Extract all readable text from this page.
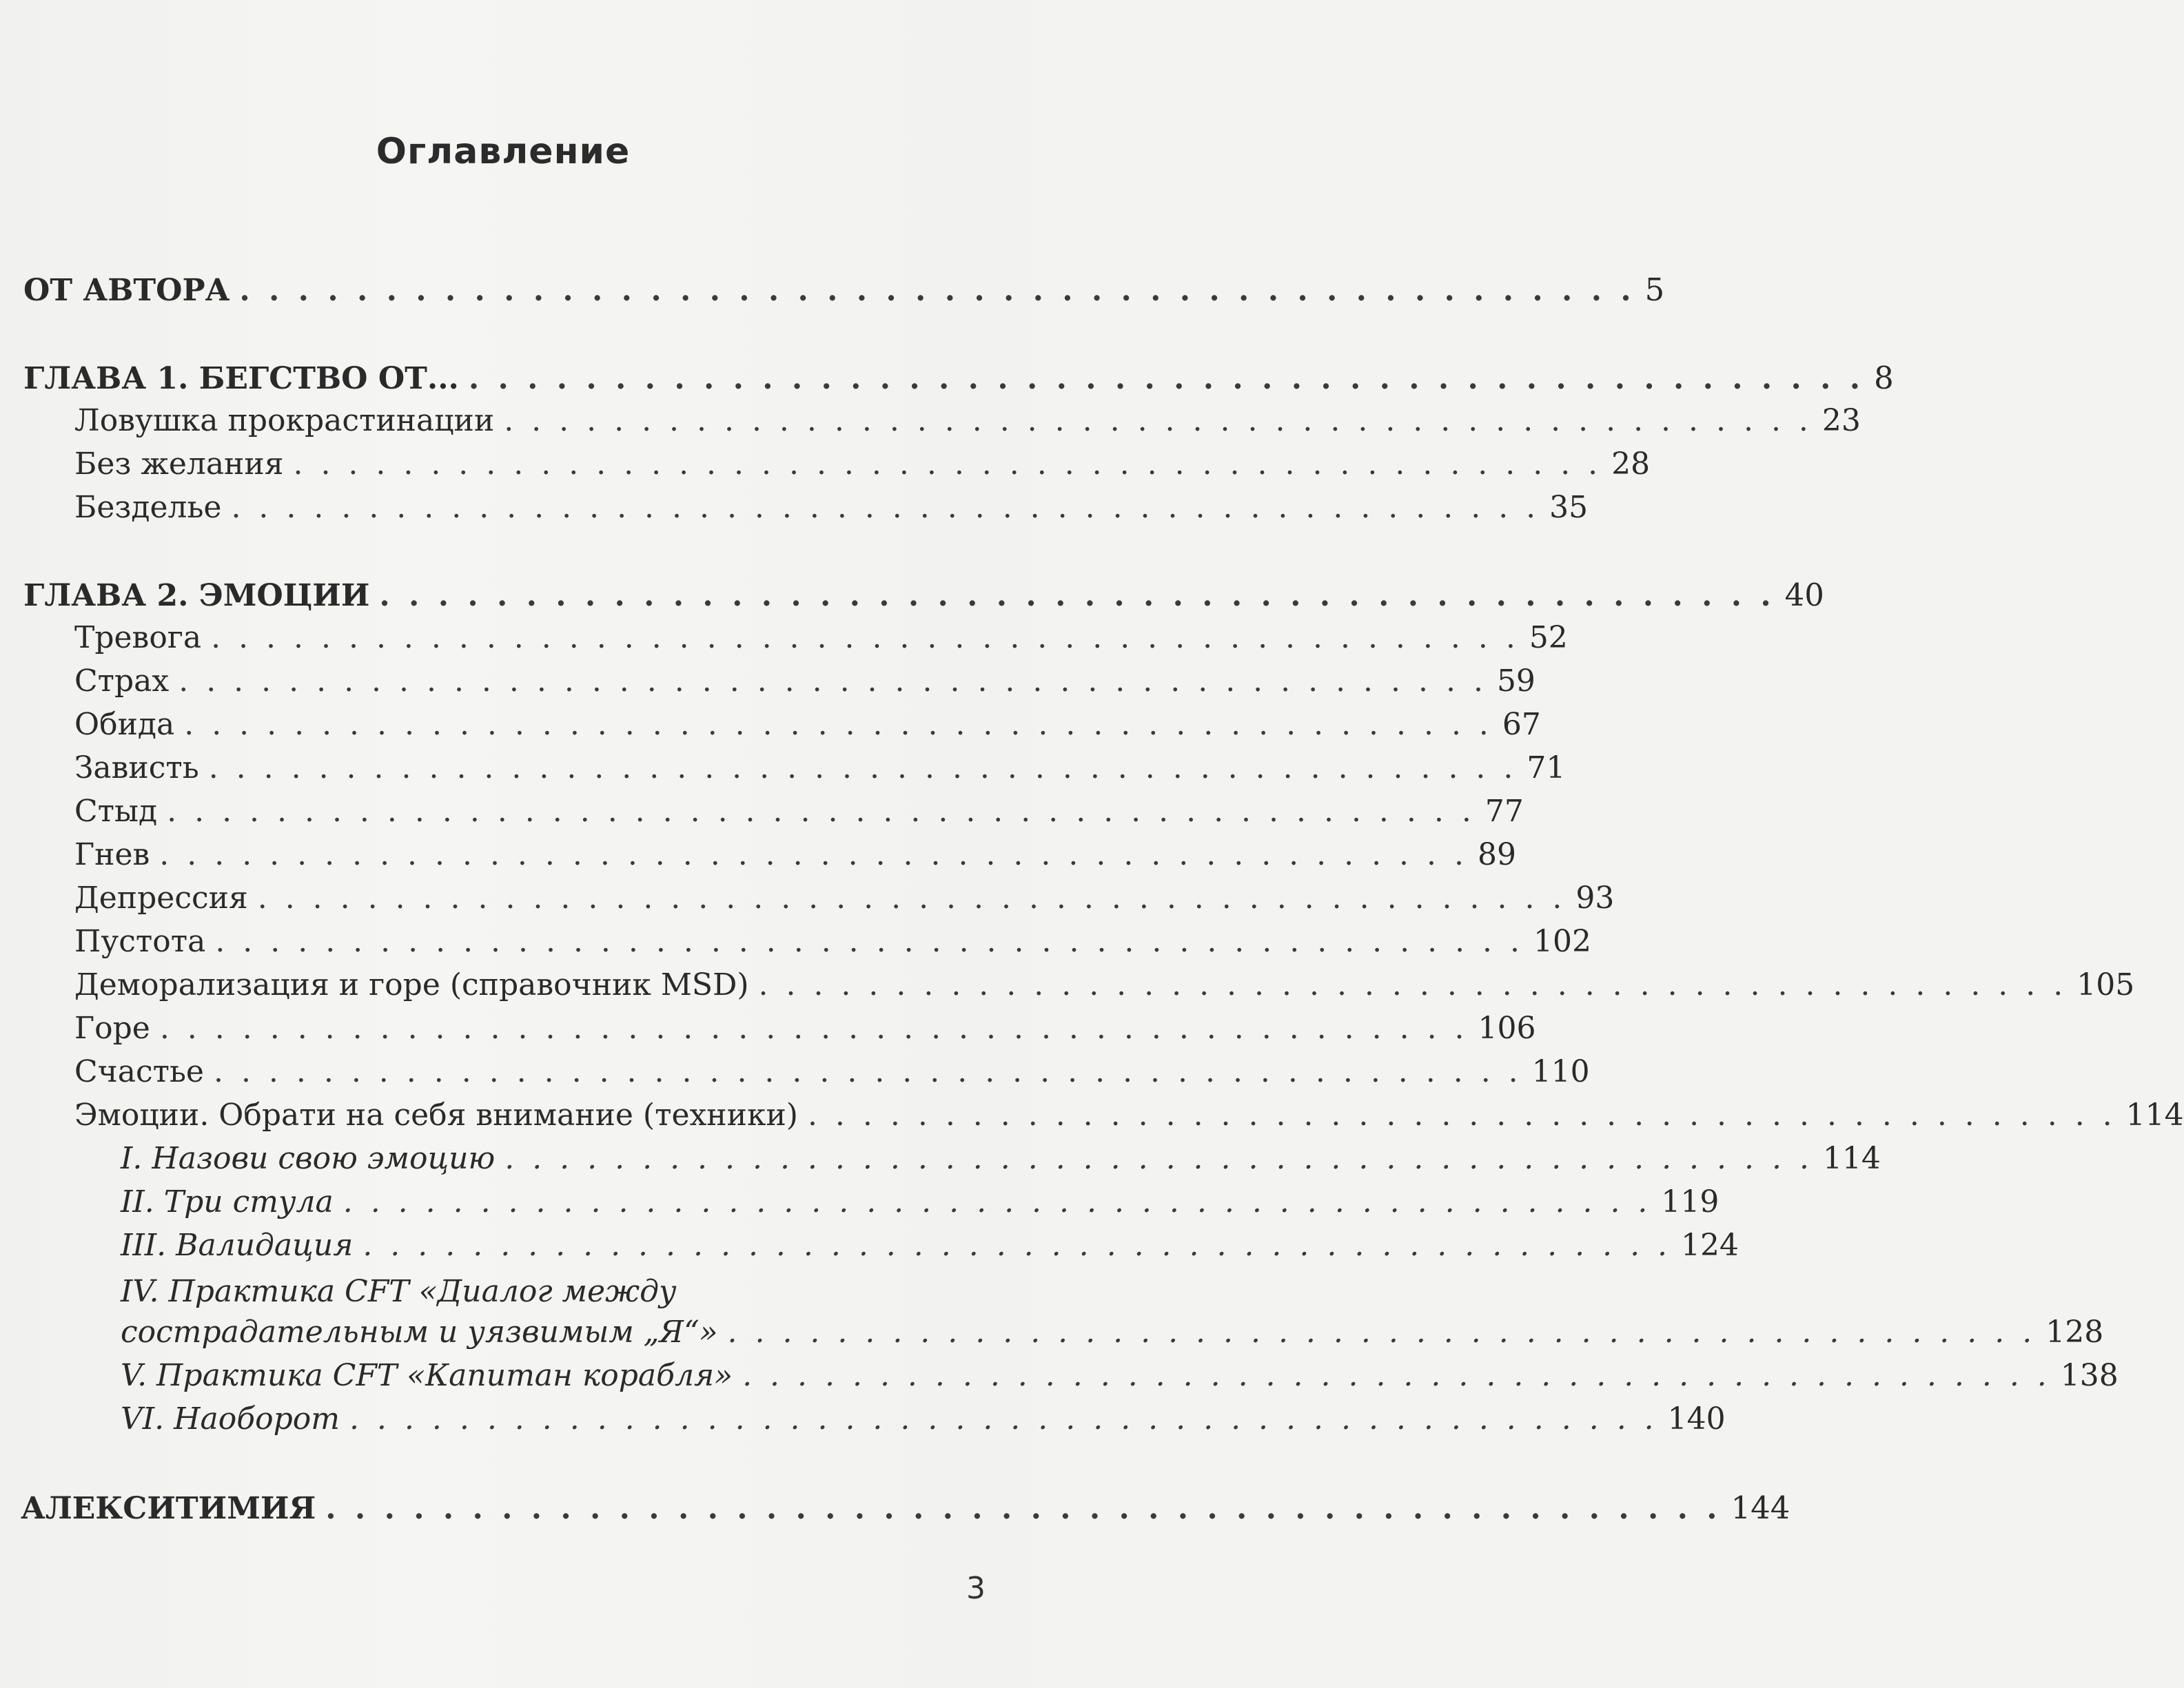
Оглавление
ОТ АВТОРА . . . . . . . . . . . . . . . . . . . . . . . . . . . . . . . . . . . . . . . . . . . . . . . . 5
ГЛАВА 1. БЕГСТВО ОТ... . . . . . . . . . . . . . . . . . . . . . . . . . . . . . . . . . . . . . . . . . . . . . . . . 8
Ловушка прокрастинации . . . . . . . . . . . . . . . . . . . . . . . . . . . . . . . . . . . . . . . . . . . . . . . . 23
Без желания . . . . . . . . . . . . . . . . . . . . . . . . . . . . . . . . . . . . . . . . . . . . . . . . 28
Безделье . . . . . . . . . . . . . . . . . . . . . . . . . . . . . . . . . . . . . . . . . . . . . . . . 35
ГЛАВА 2. ЭМОЦИИ . . . . . . . . . . . . . . . . . . . . . . . . . . . . . . . . . . . . . . . . . . . . . . . . 40
Тревога . . . . . . . . . . . . . . . . . . . . . . . . . . . . . . . . . . . . . . . . . . . . . . . . 52
Страх . . . . . . . . . . . . . . . . . . . . . . . . . . . . . . . . . . . . . . . . . . . . . . . . 59
Обида . . . . . . . . . . . . . . . . . . . . . . . . . . . . . . . . . . . . . . . . . . . . . . . . 67
Зависть . . . . . . . . . . . . . . . . . . . . . . . . . . . . . . . . . . . . . . . . . . . . . . . . 71
Стыд . . . . . . . . . . . . . . . . . . . . . . . . . . . . . . . . . . . . . . . . . . . . . . . . 77
Гнев . . . . . . . . . . . . . . . . . . . . . . . . . . . . . . . . . . . . . . . . . . . . . . . . 89
Депрессия . . . . . . . . . . . . . . . . . . . . . . . . . . . . . . . . . . . . . . . . . . . . . . . . 93
Пустота . . . . . . . . . . . . . . . . . . . . . . . . . . . . . . . . . . . . . . . . . . . . . . . . 102
Деморализация и горе (справочник MSD) . . . . . . . . . . . . . . . . . . . . . . . . . . . . . . . . . . . . . . . . . . . . . . . . 105
Горе . . . . . . . . . . . . . . . . . . . . . . . . . . . . . . . . . . . . . . . . . . . . . . . . 106
Счастье . . . . . . . . . . . . . . . . . . . . . . . . . . . . . . . . . . . . . . . . . . . . . . . . 110
Эмоции. Обрати на себя внимание (техники) . . . . . . . . . . . . . . . . . . . . . . . . . . . . . . . . . . . . . . . . . . . . . . . . 114
I. Назови свою эмоцию . . . . . . . . . . . . . . . . . . . . . . . . . . . . . . . . . . . . . . . . . . . . . . . . 114
II. Три стула . . . . . . . . . . . . . . . . . . . . . . . . . . . . . . . . . . . . . . . . . . . . . . . . 119
III. Валидация . . . . . . . . . . . . . . . . . . . . . . . . . . . . . . . . . . . . . . . . . . . . . . . . 124
IV. Практика CFT «Диалог между
сострадательным и уязвимым „Я“» . . . . . . . . . . . . . . . . . . . . . . . . . . . . . . . . . . . . . . . . . . . . . . . . 128
V. Практика CFT «Капитан корабля» . . . . . . . . . . . . . . . . . . . . . . . . . . . . . . . . . . . . . . . . . . . . . . . . 138
VI. Наоборот . . . . . . . . . . . . . . . . . . . . . . . . . . . . . . . . . . . . . . . . . . . . . . . . 140
АЛЕКСИТИМИЯ . . . . . . . . . . . . . . . . . . . . . . . . . . . . . . . . . . . . . . . . . . . . . . . . 144
3
